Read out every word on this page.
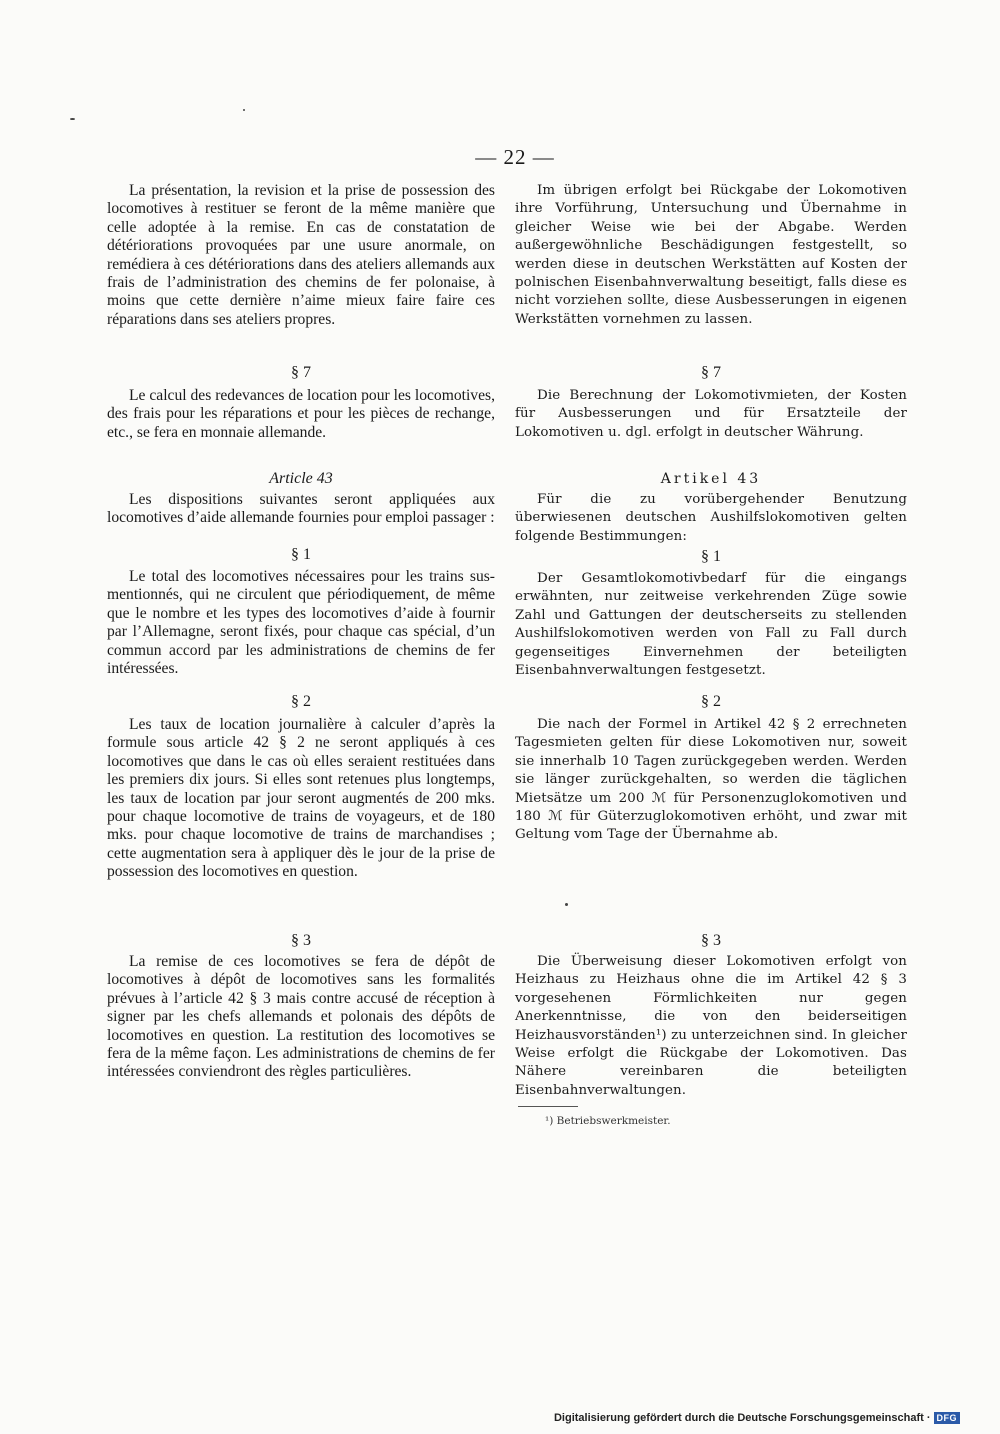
— 22 —

La présentation, la revision et la prise de possession des locomotives à restituer se feront de la même manière que celle adoptée à la remise. En cas de constatation de détériorations provoquées par une usure anormale, on remédiera à ces détériorations dans des ateliers allemands aux frais de l’administration des chemins de fer polonaise, à moins que cette dernière n’aime mieux faire faire ces réparations dans ses ateliers propres.

§ 7

Le calcul des redevances de location pour les locomotives, des frais pour les réparations et pour les pièces de rechange, etc., se fera en monnaie allemande.

Article 43

Les dispositions suivantes seront appliquées aux locomotives d’aide allemande fournies pour emploi passager :

§ 1

Le total des locomotives nécessaires pour les trains sus-mentionnés, qui ne circulent que périodiquement, de même que le nombre et les types des locomotives d’aide à fournir par l’Allemagne, seront fixés, pour chaque cas spécial, d’un commun accord par les administrations de chemins de fer intéressées.

§ 2

Les taux de location journalière à calculer d’après la formule sous article 42 § 2 ne seront appliqués à ces locomotives que dans le cas où elles seraient restituées dans les premiers dix jours. Si elles sont retenues plus longtemps, les taux de location par jour seront augmentés de 200 mks. pour chaque locomotive de trains de voyageurs, et de 180 mks. pour chaque locomotive de trains de marchandises ; cette augmentation sera à appliquer dès le jour de la prise de possession des locomotives en question.

§ 3

La remise de ces locomotives se fera de dépôt de locomotives à dépôt de locomotives sans les formalités prévues à l’article 42 § 3 mais contre accusé de réception à signer par les chefs allemands et polonais des dépôts de locomotives en question. La restitution des locomotives se fera de la même façon. Les administrations de chemins de fer intéressées conviendront des règles particulières.

Im übrigen erfolgt bei Rückgabe der Lokomotiven ihre Vorführung, Untersuchung und Übernahme in gleicher Weise wie bei der Abgabe. Werden außergewöhnliche Beschädigungen festgestellt, so werden diese in deutschen Werkstätten auf Kosten der polnischen Eisenbahnverwaltung beseitigt, falls diese es nicht vorziehen sollte, diese Ausbesserungen in eigenen Werkstätten vornehmen zu lassen.

§ 7

Die Berechnung der Lokomotivmieten, der Kosten für Ausbesserungen und für Ersatzteile der Lokomotiven u. dgl. erfolgt in deutscher Währung.

Artikel 43

Für die zu vorübergehender Benutzung überwiesenen deutschen Aushilfslokomotiven gelten folgende Bestimmungen:

§ 1

Der Gesamtlokomotivbedarf für die eingangs erwähnten, nur zeitweise verkehrenden Züge sowie Zahl und Gattungen der deutscherseits zu stellenden Aushilfslokomotiven werden von Fall zu Fall durch gegenseitiges Einvernehmen der beteiligten Eisenbahnverwaltungen festgesetzt.

§ 2

Die nach der Formel in Artikel 42 § 2 errechneten Tagesmieten gelten für diese Lokomotiven nur, soweit sie innerhalb 10 Tagen zurückgegeben werden. Werden sie länger zurückgehalten, so werden die täglichen Mietsätze um 200 ℳ für Personenzuglokomotiven und 180 ℳ für Güterzuglokomotiven erhöht, und zwar mit Geltung vom Tage der Übernahme ab.

§ 3

Die Überweisung dieser Lokomotiven erfolgt von Heizhaus zu Heizhaus ohne die im Artikel 42 § 3 vorgesehenen Förmlichkeiten nur gegen Anerkenntnisse, die von den beiderseitigen Heizhausvorständen¹) zu unterzeichnen sind. In gleicher Weise erfolgt die Rückgabe der Lokomotiven. Das Nähere vereinbaren die beteiligten Eisenbahnverwaltungen.

¹) Betriebswerkmeister.
Digitalisierung gefördert durch die Deutsche Forschungsgemeinschaft · DFG
